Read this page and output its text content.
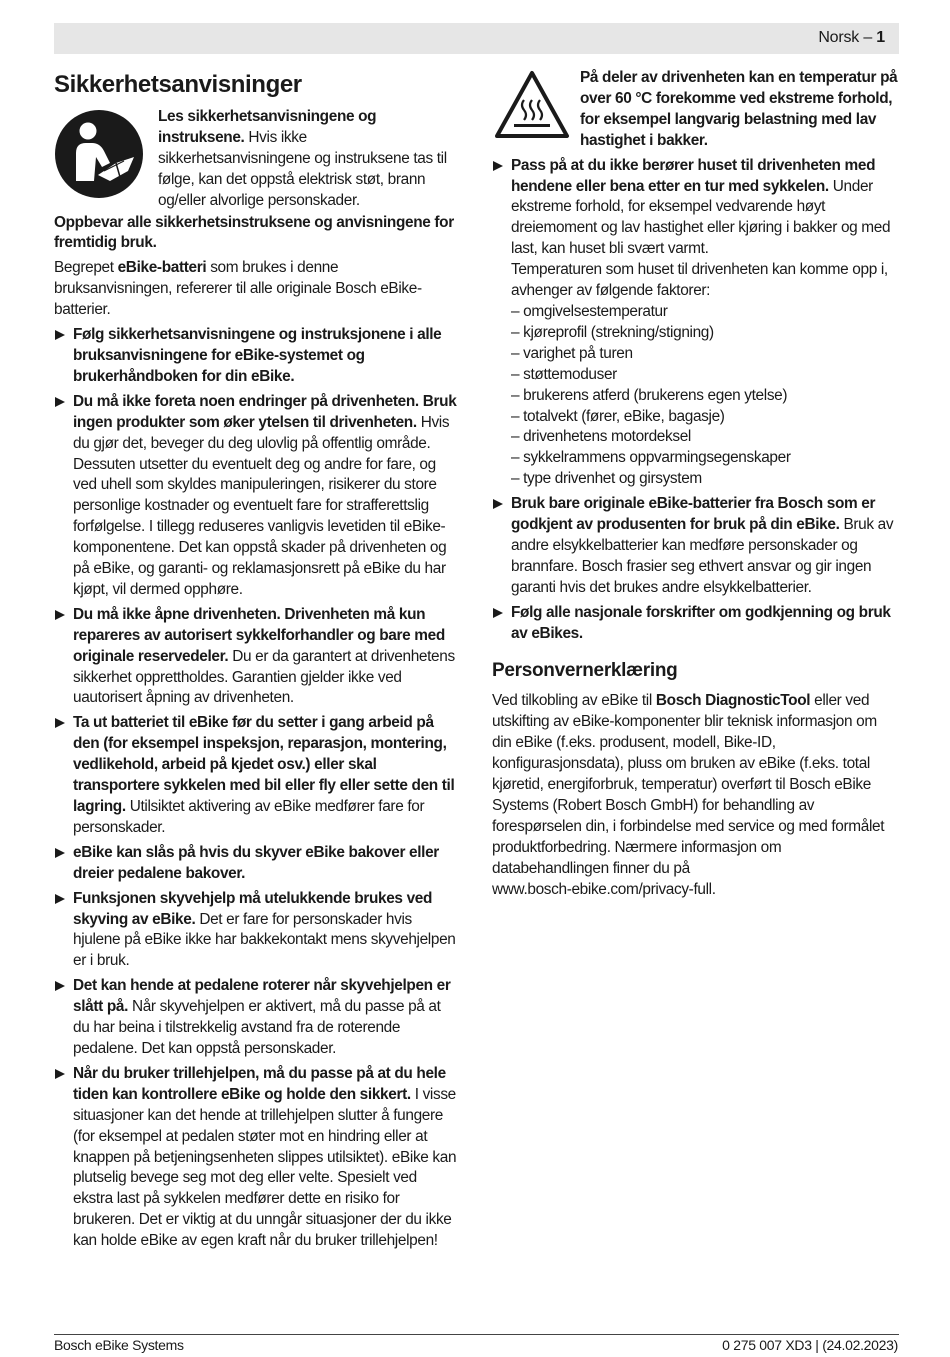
Norsk – 1
Sikkerhetsanvisninger
Les sikkerhetsanvisningene og instruksene. Hvis ikke sikkerhetsanvisningene og instruksene tas til følge, kan det oppstå elektrisk støt, brann og/eller alvorlige personskader.

Oppbevar alle sikkerhetsinstruksene og anvisningene for fremtidig bruk.

Begrepet eBike-batteri som brukes i denne bruksanvisningen, refererer til alle originale Bosch eBike-batterier.

Følg sikkerhetsanvisningene og instruksjonene i alle bruksanvisningene for eBike-systemet og brukerhåndboken for din eBike.
Du må ikke foreta noen endringer på drivenheten. Bruk ingen produkter som øker ytelsen til drivenheten. Hvis du gjør det, beveger du deg ulovlig på offentlig område. Dessuten utsetter du eventuelt deg og andre for fare, og ved uhell som skyldes manipuleringen, risikerer du store personlige kostnader og eventuelt fare for strafferettslig forfølgelse. I tillegg reduseres vanligvis levetiden til eBike-komponentene. Det kan oppstå skader på drivenheten og på eBike, og garanti- og reklamasjonsrett på eBike du har kjøpt, vil dermed opphøre.
Du må ikke åpne drivenheten. Drivenheten må kun repareres av autorisert sykkelforhandler og bare med originale reservedeler. Du er da garantert at drivenhetens sikkerhet opprettholdes. Garantien gjelder ikke ved uautorisert åpning av drivenheten.
Ta ut batteriet til eBike før du setter i gang arbeid på den (for eksempel inspeksjon, reparasjon, montering, vedlikehold, arbeid på kjedet osv.) eller skal transportere sykkelen med bil eller fly eller sette den til lagring. Utilsiktet aktivering av eBike medfører fare for personskader.
eBike kan slås på hvis du skyver eBike bakover eller dreier pedalene bakover.
Funksjonen skyvehjelp må utelukkende brukes ved skyving av eBike. Det er fare for personskader hvis hjulene på eBike ikke har bakkekontakt mens skyvehjelpen er i bruk.
Det kan hende at pedalene roterer når skyvehjelpen er slått på. Når skyvehjelpen er aktivert, må du passe på at du har beina i tilstrekkelig avstand fra de roterende pedalene. Det kan oppstå personskader.
Når du bruker trillehjelpen, må du passe på at du hele tiden kan kontrollere eBike og holde den sikkert. I visse situasjoner kan det hende at trillehjelpen slutter å fungere (for eksempel at pedalen støter mot en hindring eller at knappen på betjeningsenheten slippes utilsiktet). eBike kan plutselig bevege seg mot deg eller velte. Spesielt ved ekstra last på sykkelen medfører dette en risiko for brukeren. Det er viktig at du unngår situasjoner der du ikke kan holde eBike av egen kraft når du bruker trillehjelpen!
På deler av drivenheten kan en temperatur på over 60 °C forekomme ved ekstreme forhold, for eksempel langvarig belastning med lav hastighet i bakker.
Pass på at du ikke berører huset til drivenheten med hendene eller bena etter en tur med sykkelen. Under ekstreme forhold, for eksempel vedvarende høyt dreiemoment og lav hastighet eller kjøring i bakker og med last, kan huset bli svært varmt.
Temperaturen som huset til drivenheten kan komme opp i, avhenger av følgende faktorer:
– omgivelsestemperatur
– kjøreprofil (strekning/stigning)
– varighet på turen
– støttemoduser
– brukerens atferd (brukerens egen ytelse)
– totalvekt (fører, eBike, bagasje)
– drivenhetens motordeksel
– sykkelrammens oppvarmingsegenskaper
– type drivenhet og girsystem
Bruk bare originale eBike-batterier fra Bosch som er godkjent av produsenten for bruk på din eBike. Bruk av andre elsykkelbatterier kan medføre personskader og brannfare. Bosch frasier seg ethvert ansvar og gir ingen garanti hvis det brukes andre elsykkelbatterier.
Følg alle nasjonale forskrifter om godkjenning og bruk av eBikes.
Personvernerklæring

Ved tilkobling av eBike til Bosch DiagnosticTool eller ved utskifting av eBike-komponenter blir teknisk informasjon om din eBike (f.eks. produsent, modell, Bike-ID, konfigurasjonsdata), pluss om bruken av eBike (f.eks. total kjøretid, energiforbruk, temperatur) overført til Bosch eBike Systems (Robert Bosch GmbH) for behandling av forespørselen din, i forbindelse med service og med formålet produktforbedring. Nærmere informasjon om databehandlingen finner du på
www.bosch-ebike.com/privacy-full.

Bosch eBike Systems	0 275 007 XD3 | (24.02.2023)
